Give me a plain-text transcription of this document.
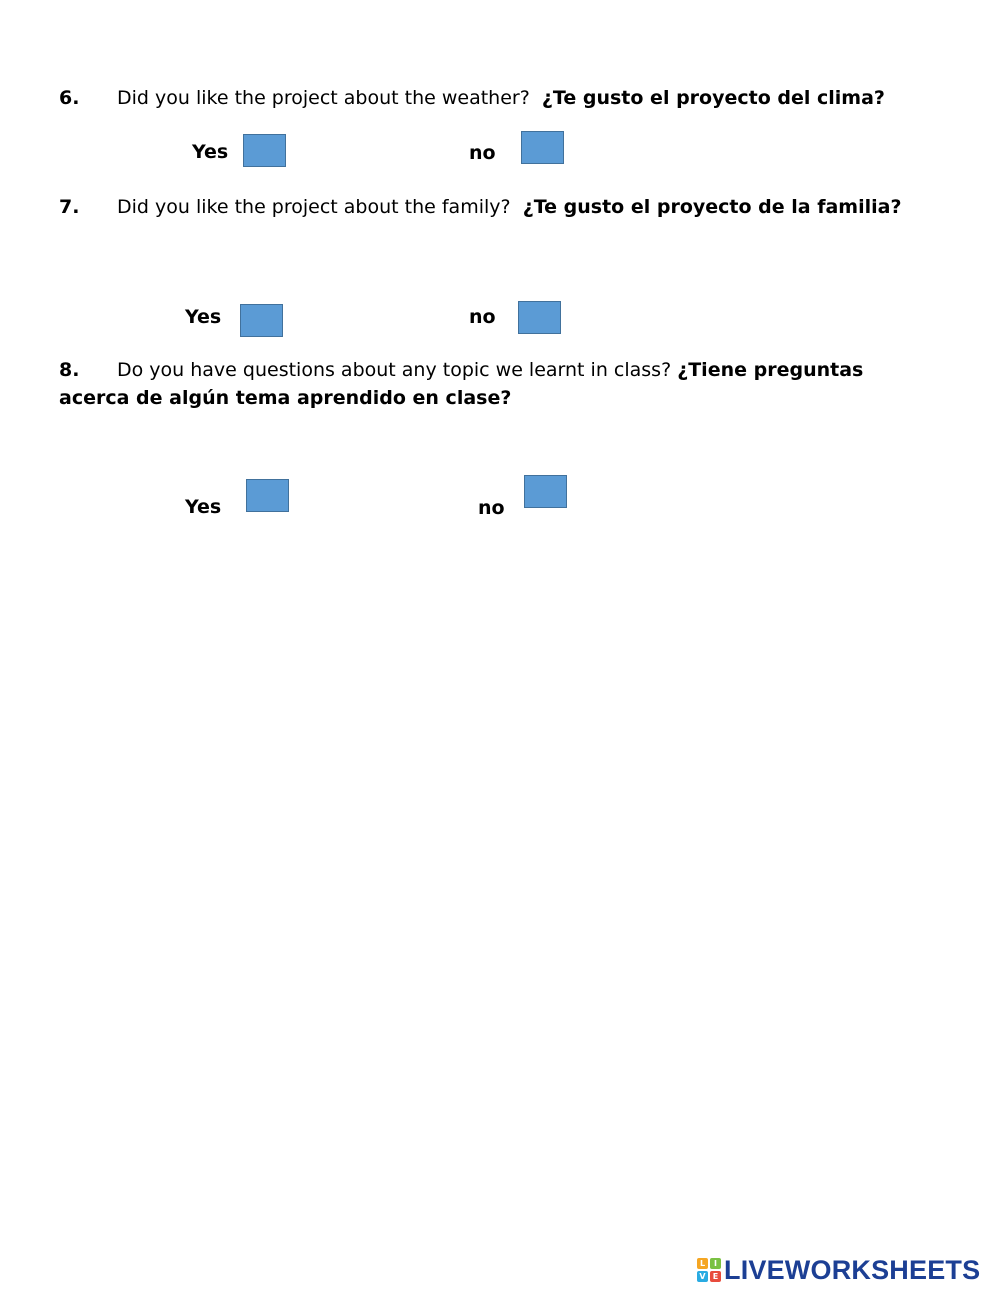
6. Did you like the project about the weather? ¿Te gusto el proyecto del clima?
Yes	no
7. Did you like the project about the family? ¿Te gusto el proyecto de la familia?
Yes	no
8. Do you have questions about any topic we learnt in class? ¿Tiene preguntas acerca de algún tema aprendido en clase?
Yes	no
L	I
V E LIVEWORKSHEETS
